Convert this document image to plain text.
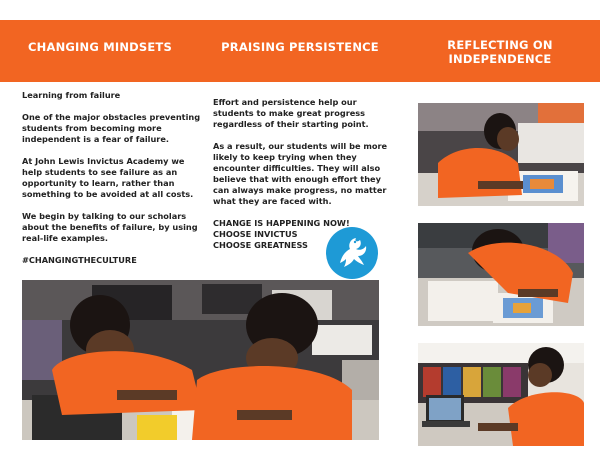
CHANGING MINDSETS	PRAISING PERSISTENCE	REFLECTING ON
INDEPENDENCE

Learning from failure

One of the major obstacles preventing
students from becoming more
independent is a fear of failure.

At John Lewis Invictus Academy we
help students to see failure as an
opportunity to learn, rather than
something to be avoided at all costs.

We begin by talking to our scholars
about the benefits of failure, by using
real-life examples.

#CHANGINGTHECULTURE

Effort and persistence help our
students to make great progress
regardless of their starting point.

As a result, our students will be more
likely to keep trying when they
encounter difficulties. They will also
believe that with enough effort they
can always make progress, no matter
what they are faced with.

CHANGE IS HAPPENING NOW!
CHOOSE INVICTUS
CHOOSE GREATNESS
